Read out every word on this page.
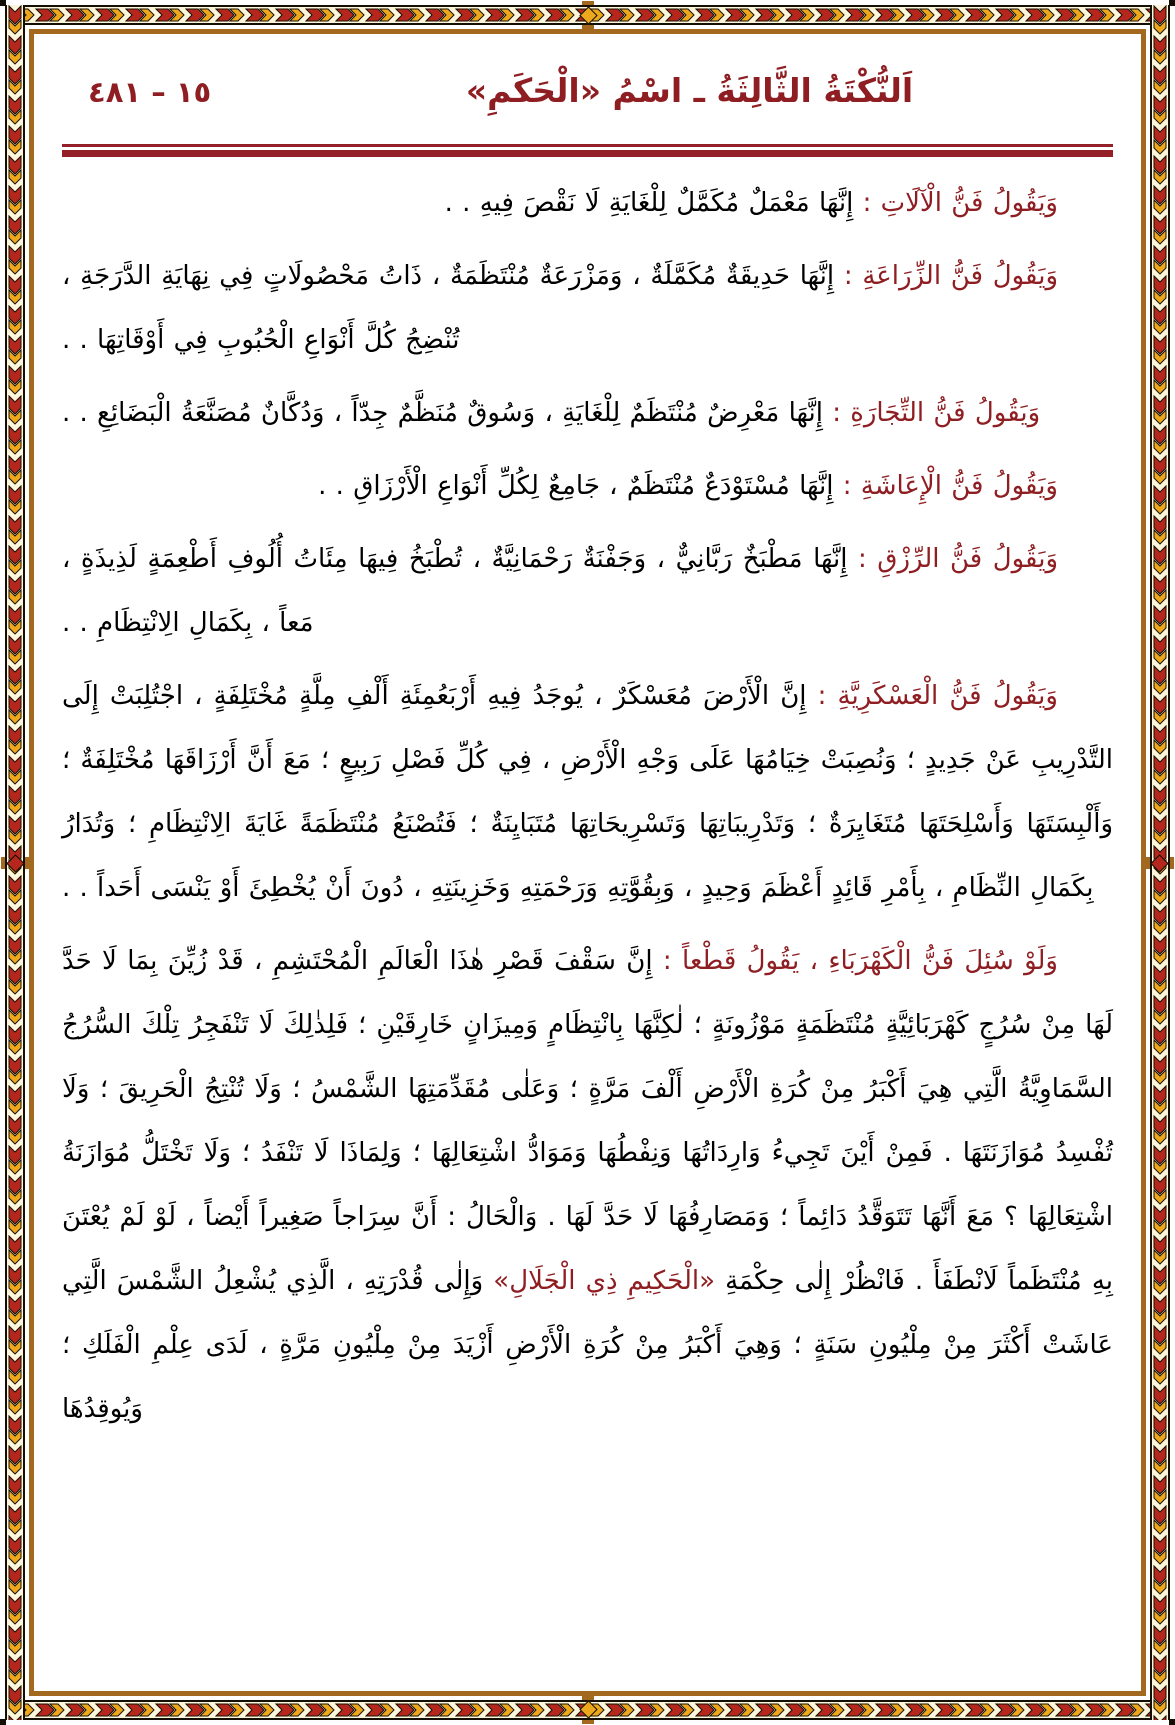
١٥ – ٤٨١	اَلنُّكْتَةُ الثَّالِثَةُ ـ اسْمُ «الْحَكَمِ»

وَيَقُولُ فَنُّ الْآلَاتِ : إِنَّهَا مَعْمَلٌ مُكَمَّلٌ لِلْغَايَةِ لَا نَقْصَ فِيهِ . .

وَيَقُولُ فَنُّ الزِّرَاعَةِ : إِنَّهَا حَدِيقَةٌ مُكَمَّلَةٌ ، وَمَزْرَعَةٌ مُنْتَظَمَةٌ ، ذَاتُ مَحْصُولَاتٍ فِي نِهَايَةِ الدَّرَجَةِ ، تُنْضِجُ كُلَّ أَنْوَاعِ الْحُبُوبِ فِي أَوْقَاتِهَا . .

وَيَقُولُ فَنُّ التِّجَارَةِ : إِنَّهَا مَعْرِضٌ مُنْتَظَمٌ لِلْغَايَةِ ، وَسُوقٌ مُنَظَّمٌ جِدّاً ، وَدُكَّانٌ مُصَنَّعَةُ الْبَضَائِعِ . .

وَيَقُولُ فَنُّ الْإِعَاشَةِ : إِنَّهَا مُسْتَوْدَعٌ مُنْتَظَمٌ ، جَامِعٌ لِكُلِّ أَنْوَاعِ الْأَرْزَاقِ . .

وَيَقُولُ فَنُّ الرِّزْقِ : إِنَّهَا مَطْبَخٌ رَبَّانِيٌّ ، وَجَفْنَةٌ رَحْمَانِيَّةٌ ، تُطْبَخُ فِيهَا مِئَاتُ أُلُوفِ أَطْعِمَةٍ لَذِيذَةٍ ، مَعاً ، بِكَمَالِ الِانْتِظَامِ . .

وَيَقُولُ فَنُّ الْعَسْكَرِيَّةِ : إِنَّ الْأَرْضَ مُعَسْكَرٌ ، يُوجَدُ فِيهِ أَرْبَعُمِئَةِ أَلْفِ مِلَّةٍ مُخْتَلِفَةٍ ، اجْتُلِبَتْ إِلَى التَّدْرِيبِ عَنْ جَدِيدٍ ؛ وَنُصِبَتْ خِيَامُهَا عَلَى وَجْهِ الْأَرْضِ ، فِي كُلِّ فَصْلِ رَبِيعٍ ؛ مَعَ أَنَّ أَرْزَاقَهَا مُخْتَلِفَةٌ ؛ وَأَلْبِسَتَهَا وَأَسْلِحَتَهَا مُتَغَايِرَةٌ ؛ وَتَدْرِيبَاتِهَا وَتَسْرِيحَاتِهَا مُتَبَايِنَةٌ ؛ فَتُصْنَعُ مُنْتَظَمَةً غَايَةَ الِانْتِظَامِ ؛ وَتُدَارُ بِكَمَالِ النِّظَامِ ، بِأَمْرِ قَائِدٍ أَعْظَمَ وَحِيدٍ ، وَبِقُوَّتِهِ وَرَحْمَتِهِ وَخَزِينَتِهِ ، دُونَ أَنْ يُخْطِئَ أَوْ يَنْسَى أَحَداً . .

وَلَوْ سُئِلَ فَنُّ الْكَهْرَبَاءِ ، يَقُولُ قَطْعاً : إِنَّ سَقْفَ قَصْرِ هٰذَا الْعَالَمِ الْمُحْتَشِمِ ، قَدْ زُيِّنَ بِمَا لَا حَدَّ لَهَا مِنْ سُرُجٍ كَهْرَبَائِيَّةٍ مُنْتَظَمَةٍ مَوْزُونَةٍ ؛ لٰكِنَّهَا بِانْتِظَامٍ وَمِيزَانٍ خَارِقَيْنِ ؛ فَلِذٰلِكَ لَا تَنْفَجِرُ تِلْكَ السُّرُجُ السَّمَاوِيَّةُ الَّتِي هِيَ أَكْبَرُ مِنْ كُرَةِ الْأَرْضِ أَلْفَ مَرَّةٍ ؛ وَعَلٰى مُقَدِّمَتِهَا الشَّمْسُ ؛ وَلَا تُنْتِجُ الْحَرِيقَ ؛ وَلَا تُفْسِدُ مُوَازَنَتَهَا . فَمِنْ أَيْنَ تَجِيءُ وَارِدَاتُهَا وَنِفْطُهَا وَمَوَادُّ اشْتِعَالِهَا ؛ وَلِمَاذَا لَا تَنْفَدُ ؛ وَلَا تَخْتَلُّ مُوَازَنَةُ اشْتِعَالِهَا ؟ مَعَ أَنَّهَا تَتَوَقَّدُ دَائِماً ؛ وَمَصَارِفُهَا لَا حَدَّ لَهَا . وَالْحَالُ : أَنَّ سِرَاجاً صَغِيراً أَيْضاً ، لَوْ لَمْ يُعْتَنَ بِهِ مُنْتَظَماً لَانْطَفَأَ . فَانْظُرْ إِلٰى حِكْمَةِ «الْحَكِيمِ ذِي الْجَلَالِ» وَإِلٰى قُدْرَتِهِ ، الَّذِي يُشْعِلُ الشَّمْسَ الَّتِي عَاشَتْ أَكْثَرَ مِنْ مِلْيُونِ سَنَةٍ ؛ وَهِيَ أَكْبَرُ مِنْ كُرَةِ الْأَرْضِ أَزْيَدَ مِنْ مِلْيُونِ مَرَّةٍ ، لَدَى عِلْمِ الْفَلَكِ ؛ وَيُوقِدُهَا
